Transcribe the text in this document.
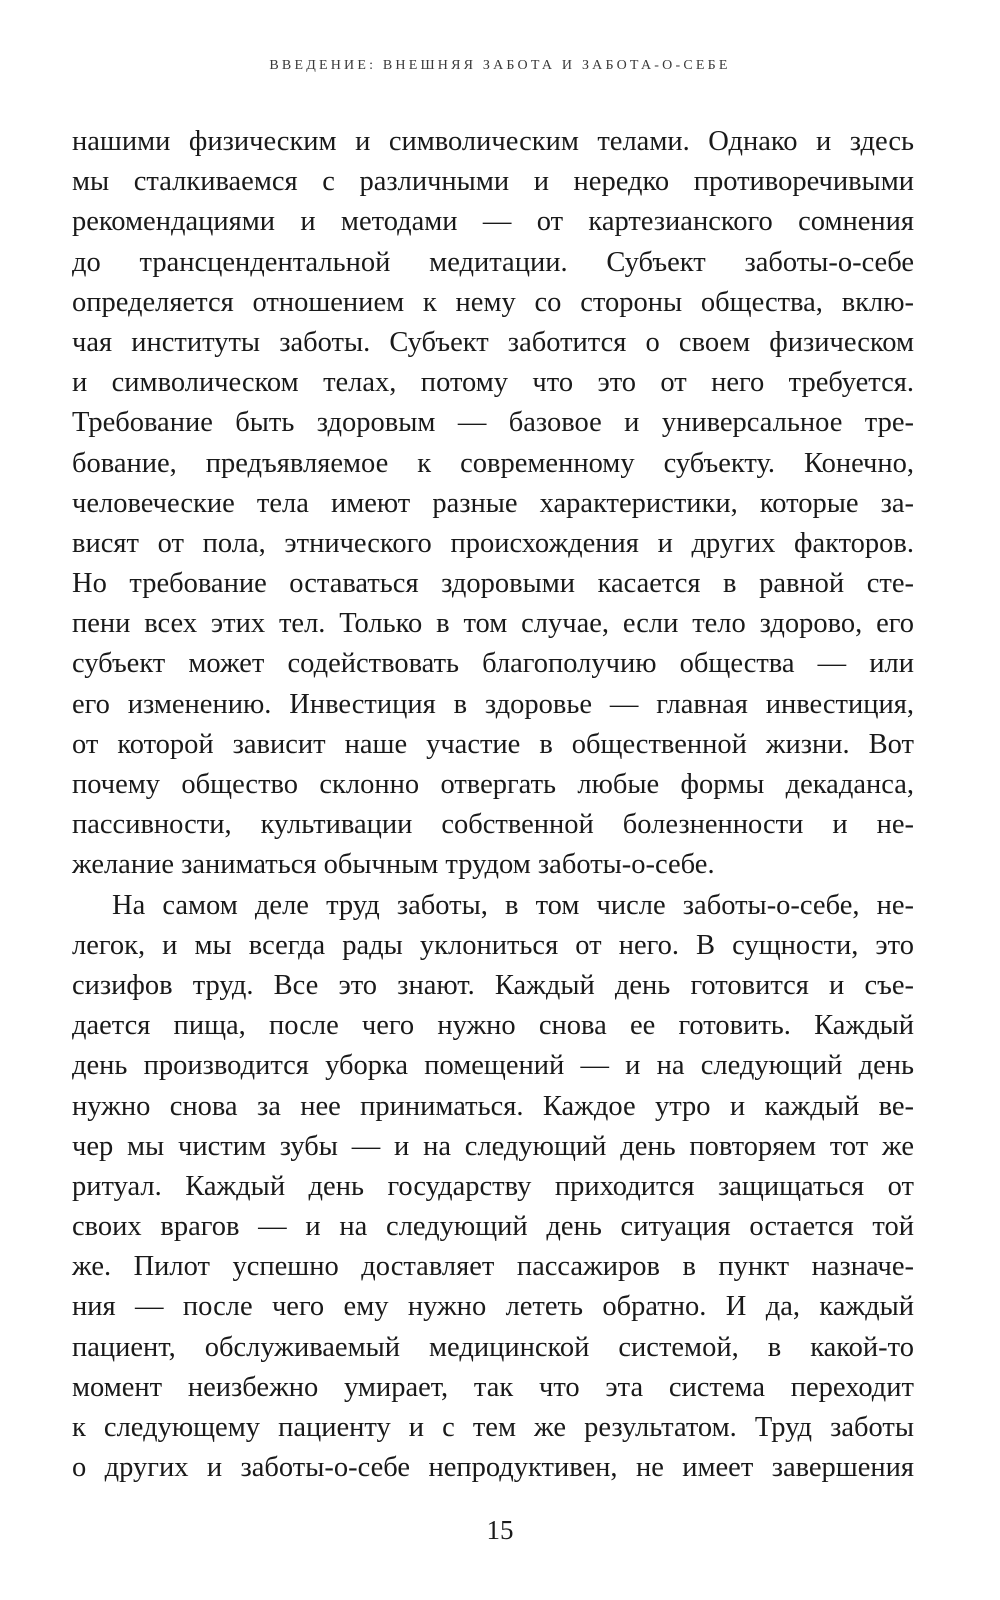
ВВЕДЕНИЕ: ВНЕШНЯЯ ЗАБОТА И ЗАБОТА-О-СЕБЕ
нашими физическим и символическим телами. Однако и здесь
мы сталкиваемся с различными и нередко противоречивыми
рекомендациями и методами — от картезианского сомнения
до трансцендентальной медитации. Субъект заботы-о-себе
определяется отношением к нему со стороны общества, вклю-
чая институты заботы. Субъект заботится о своем физическом
и символическом телах, потому что это от него требуется.
Требование быть здоровым — базовое и универсальное тре-
бование, предъявляемое к современному субъекту. Конечно,
человеческие тела имеют разные характеристики, которые за-
висят от пола, этнического происхождения и других факторов.
Но требование оставаться здоровыми касается в равной сте-
пени всех этих тел. Только в том случае, если тело здорово, его
субъект может содействовать благополучию общества — или
его изменению. Инвестиция в здоровье — главная инвестиция,
от которой зависит наше участие в общественной жизни. Вот
почему общество склонно отвергать любые формы декаданса,
пассивности, культивации собственной болезненности и не-
желание заниматься обычным трудом заботы-о-себе.
На самом деле труд заботы, в том числе заботы-о-себе, не-
легок, и мы всегда рады уклониться от него. В сущности, это
сизифов труд. Все это знают. Каждый день готовится и съе-
дается пища, после чего нужно снова ее готовить. Каждый
день производится уборка помещений — и на следующий день
нужно снова за нее приниматься. Каждое утро и каждый ве-
чер мы чистим зубы — и на следующий день повторяем тот же
ритуал. Каждый день государству приходится защищаться от
своих врагов — и на следующий день ситуация остается той
же. Пилот успешно доставляет пассажиров в пункт назначе-
ния — после чего ему нужно лететь обратно. И да, каждый
пациент, обслуживаемый медицинской системой, в какой-то
момент неизбежно умирает, так что эта система переходит
к следующему пациенту и с тем же результатом. Труд заботы
о других и заботы-о-себе непродуктивен, не имеет завершения
15
